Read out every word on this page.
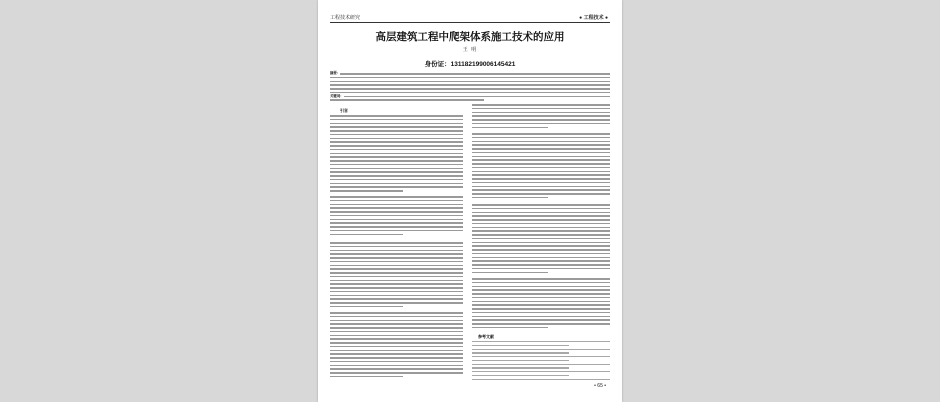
工程技术研究	● 工程技术 ●
高层建筑工程中爬架体系施工技术的应用
王 明
身份证：131182199006145421
摘要：
关键词：
引言
参考文献
• 65 •
